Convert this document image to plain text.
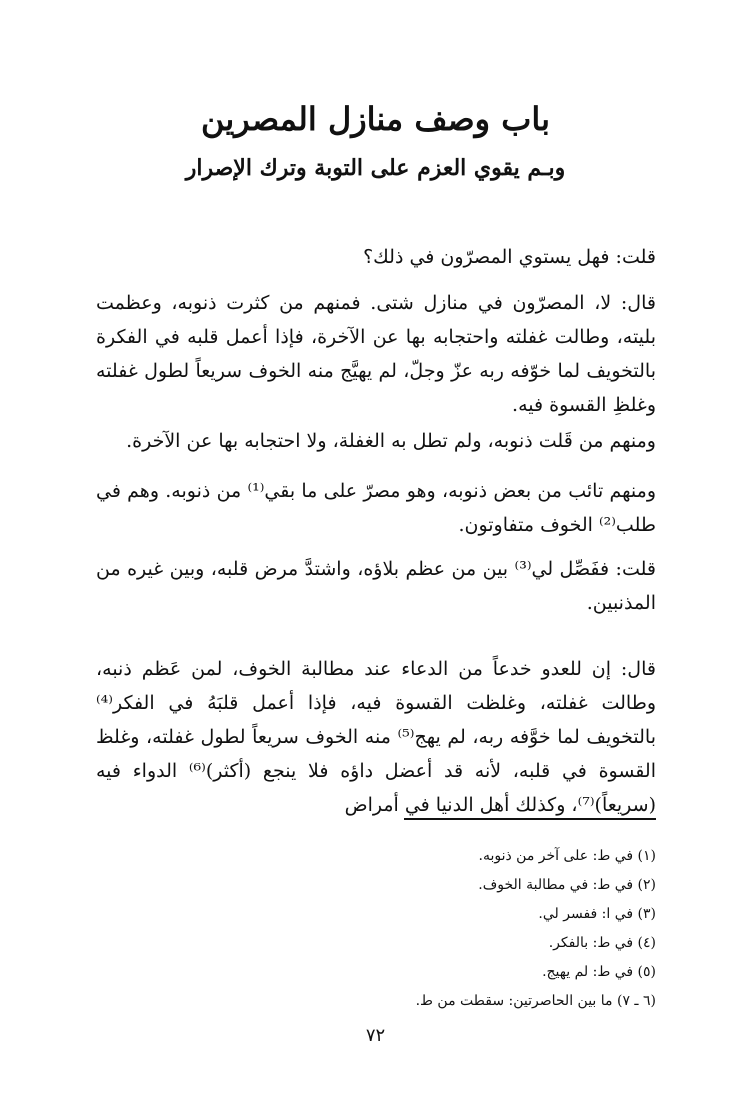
باب وصف منازل المصرين
وبـم يقوي العزم على التوبة وترك الإصرار

قلت: فهل يستوي المصرّون في ذلك؟

قال: لا، المصرّون في منازل شتى. فمنهم من كثرت ذنوبه، وعظمت بليته، وطالت غفلته واحتجابه بها عن الآخرة، فإذا أعمل قلبه في الفكرة بالتخويف لما خوّفه ربه عزّ وجلّ، لم يهيَّج منه الخوف سريعاً لطول غفلته وغلظِ القسوة فيه.

ومنهم من قَلت ذنوبه، ولم تطل به الغفلة، ولا احتجابه بها عن الآخرة.

ومنهم تائب من بعض ذنوبه، وهو مصرّ على ما بقي⁽¹⁾ من ذنوبه. وهم في طلب⁽²⁾ الخوف متفاوتون.

قلت: ففَصِّل لي⁽³⁾ بين من عظم بلاؤه، واشتدَّ مرض قلبه، وبين غيره من المذنبين.

قال: إن للعدو خدعاً من الدعاء عند مطالبة الخوف، لمن عَظم ذنبه، وطالت غفلته، وغلظت القسوة فيه، فإذا أعمل قلبَهُ في الفكر⁽⁴⁾ بالتخويف لما خوَّفه ربه، لم يهج⁽⁵⁾ منه الخوف سريعاً لطول غفلته، وغلظ القسوة في قلبه، لأنه قد أعضل داؤه فلا ينجع (أكثر)⁽⁶⁾ الدواء فيه (سريعاً)⁽⁷⁾، وكذلك أهل الدنيا في أمراض

(١) في ط: على آخر من ذنوبه.
(٢) في ط: في مطالبة الخوف.
(٣) في ا: ففسر لي.
(٤) في ط: بالفكر.
(٥) في ط: لم يهيج.
(٦ ـ ٧) ما بين الحاصرتين: سقطت من ط.
٧٢
